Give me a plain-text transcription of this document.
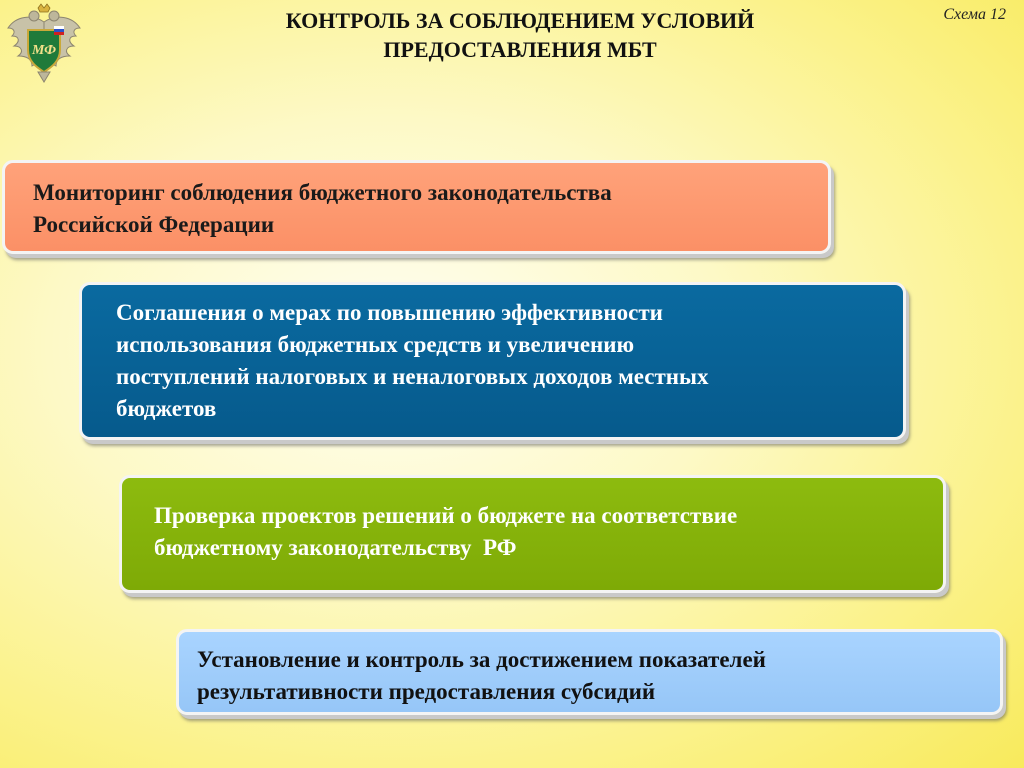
МФ
КОНТРОЛЬ ЗА СОБЛЮДЕНИЕМ УСЛОВИЙ
ПРЕДОСТАВЛЕНИЯ МБТ
Схема 12
Мониторинг соблюдения бюджетного законодательства
Российской Федерации
Соглашения о мерах по повышению эффективности
использования бюджетных средств и увеличению
поступлений налоговых и неналоговых доходов местных
бюджетов
Проверка проектов решений о бюджете на соответствие
бюджетному законодательству  РФ
Установление и контроль за достижением показателей
результативности предоставления субсидий
